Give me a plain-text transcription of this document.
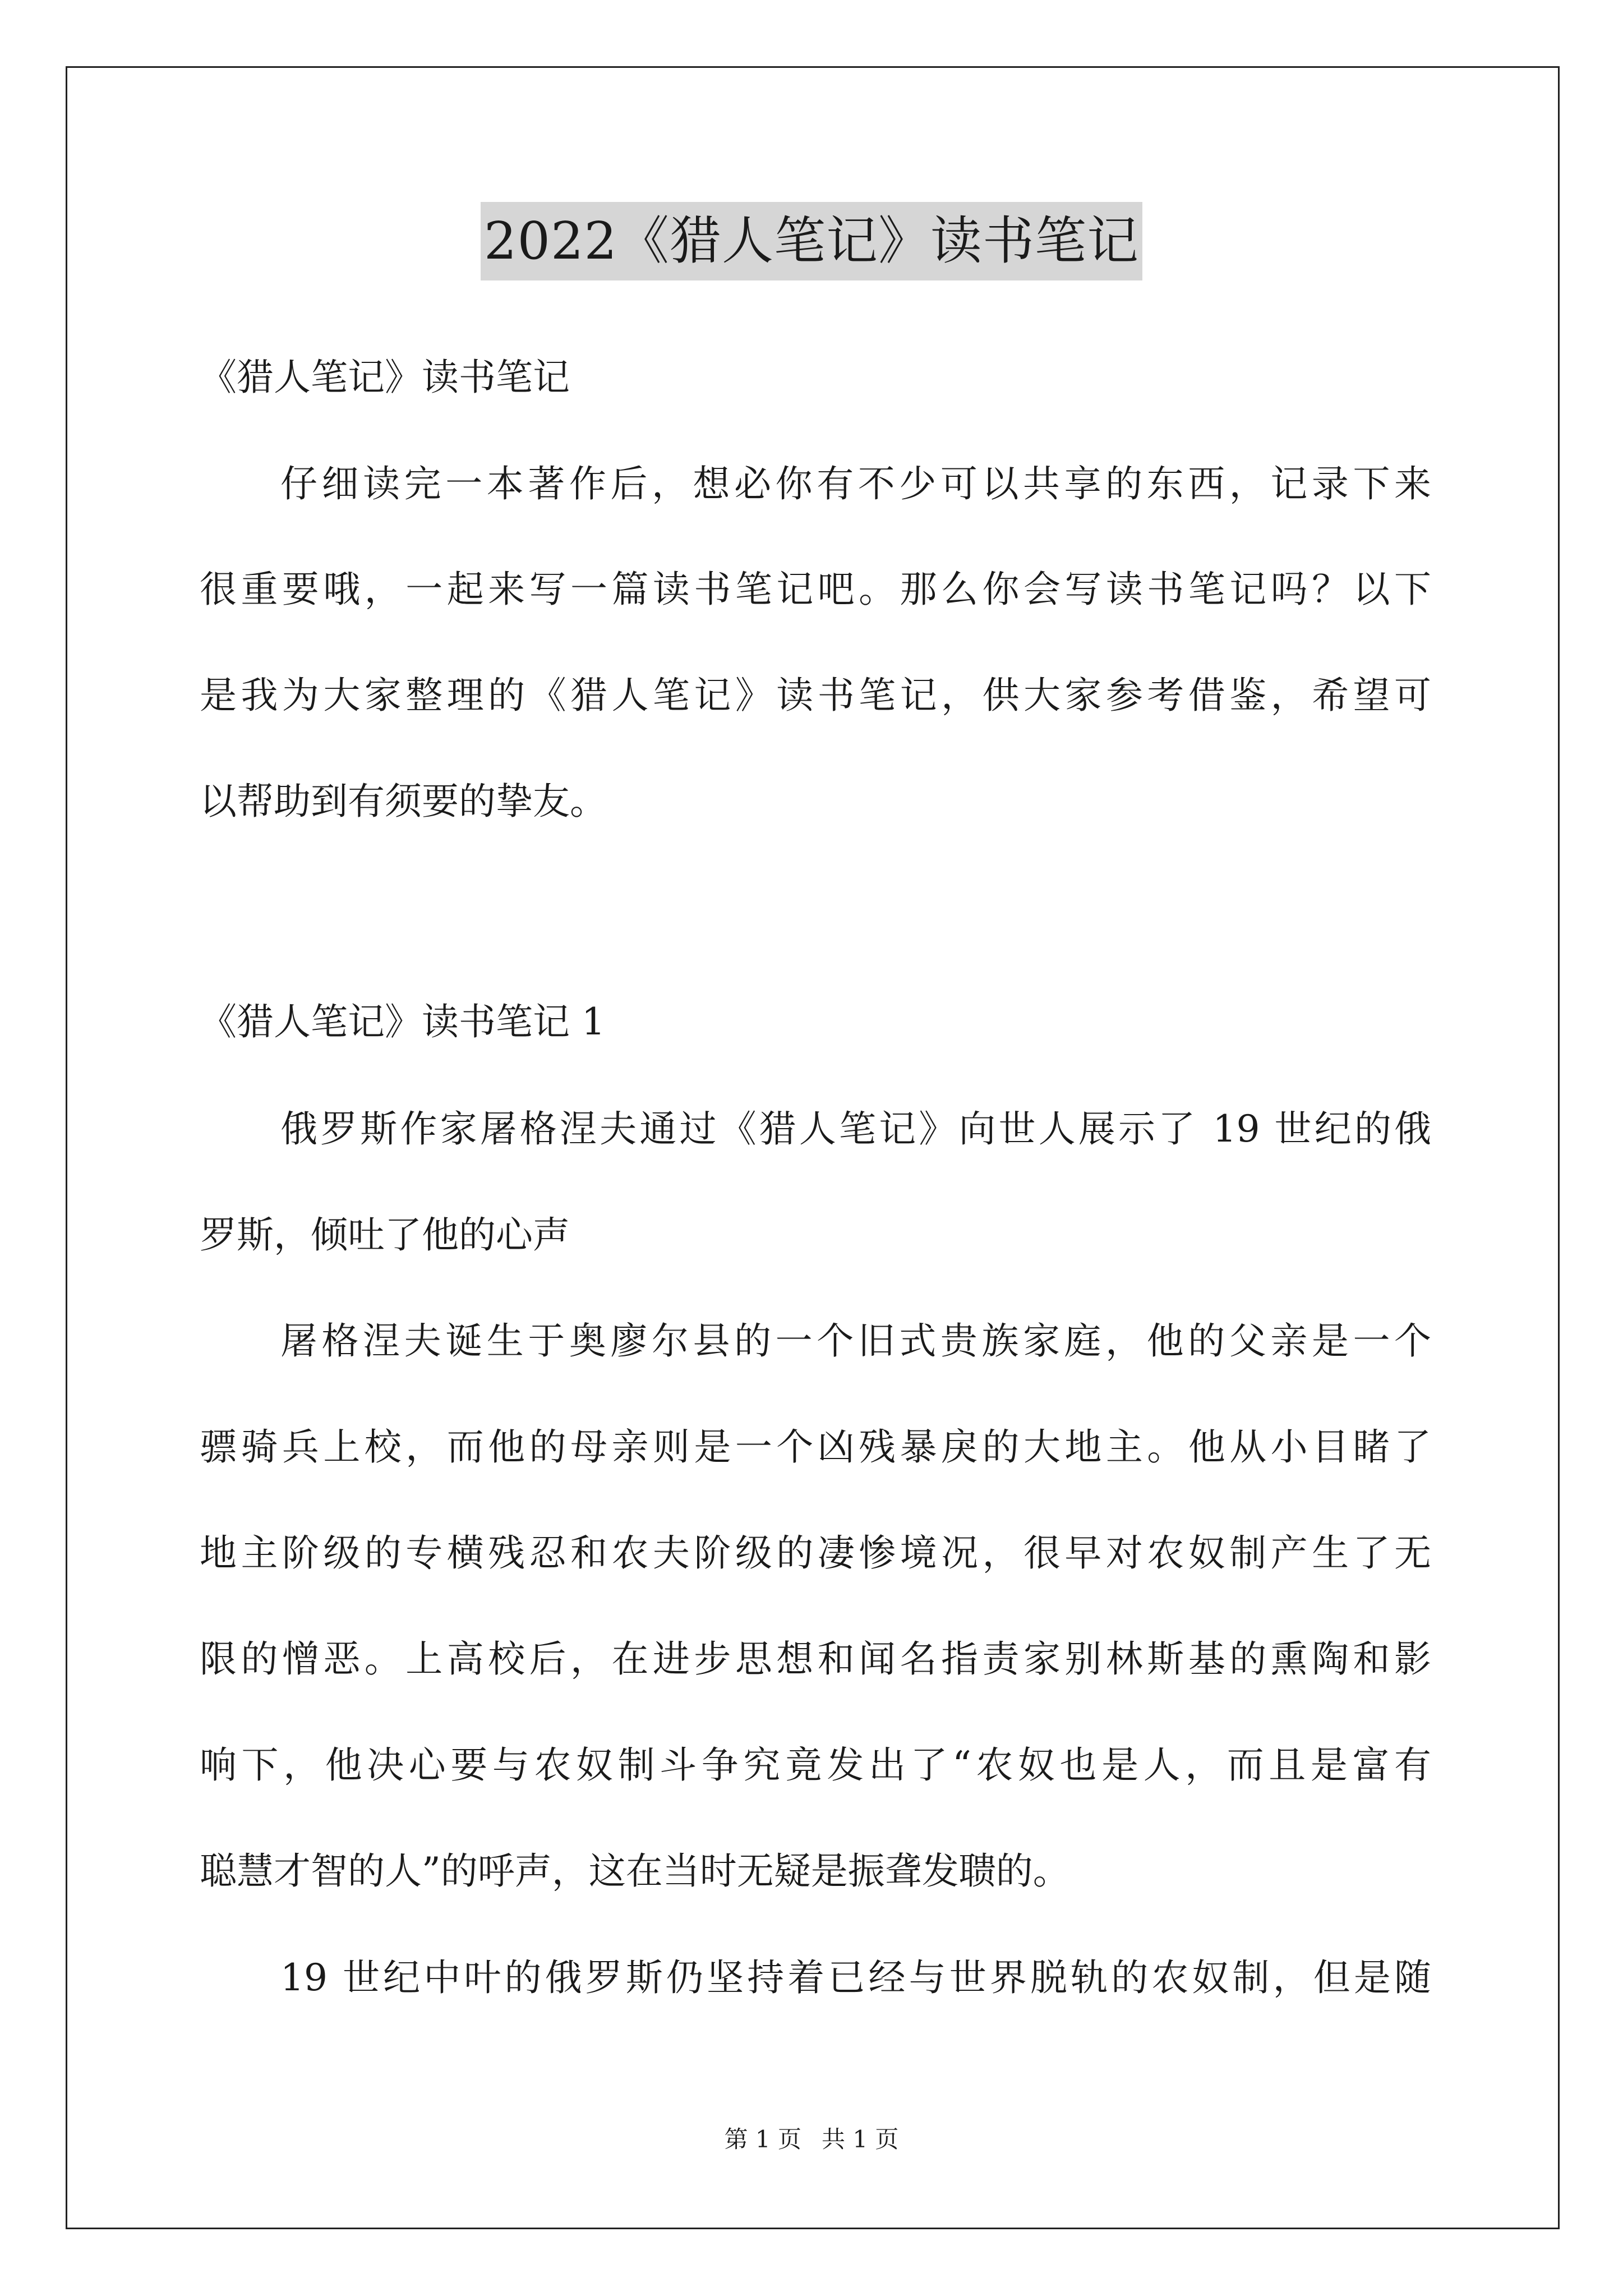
2022《猎人笔记》读书笔记
《猎人笔记》读书笔记
仔细读完一本著作后，想必你有不少可以共享的东西，记录下来
很重要哦，一起来写一篇读书笔记吧。那么你会写读书笔记吗？以下
是我为大家整理的《猎人笔记》读书笔记，供大家参考借鉴，希望可
以帮助到有须要的挚友。
《猎人笔记》读书笔记 1
俄罗斯作家屠格涅夫通过《猎人笔记》向世人展示了 19 世纪的俄
罗斯，倾吐了他的心声
屠格涅夫诞生于奥廖尔县的一个旧式贵族家庭，他的父亲是一个
骠骑兵上校，而他的母亲则是一个凶残暴戾的大地主。他从小目睹了
地主阶级的专横残忍和农夫阶级的凄惨境况，很早对农奴制产生了无
限的憎恶。上高校后，在进步思想和闻名指责家别林斯基的熏陶和影
响下，他决心要与农奴制斗争究竟发出了“农奴也是人，而且是富有
聪慧才智的人”的呼声，这在当时无疑是振聋发聩的。
19 世纪中叶的俄罗斯仍坚持着已经与世界脱轨的农奴制，但是随
第 1 页 共 1 页
